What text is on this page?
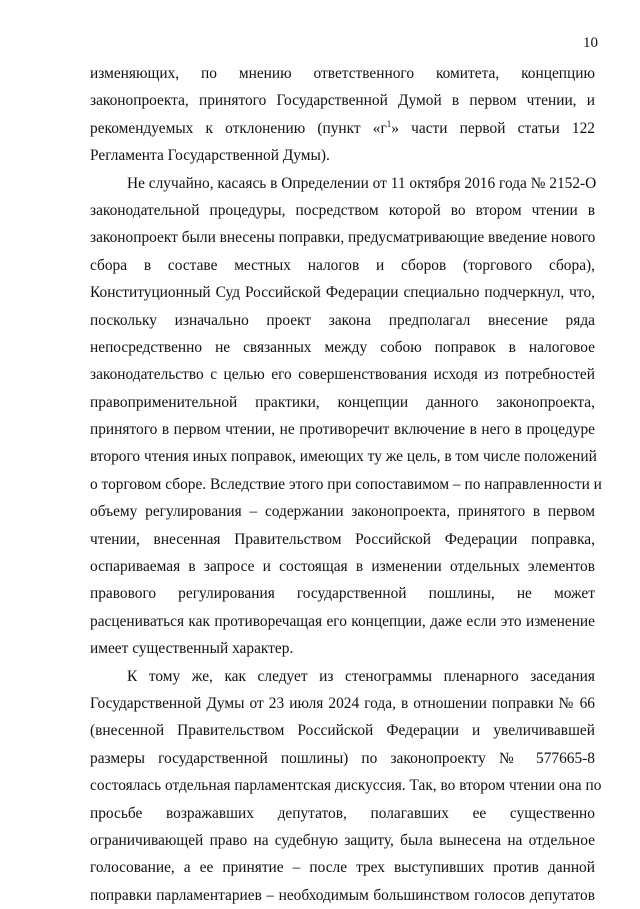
10
изменяющих, по мнению ответственного комитета, концепцию
законопроекта, принятого Государственной Думой в первом чтении, и
рекомендуемых к отклонению (пункт «$г^1$» части первой статьи 122
Регламента Государственной Думы).
Не случайно, касаясь в Определении от 11 октября 2016 года № 2152-О
законодательной процедуры, посредством которой во втором чтении в
законопроект были внесены поправки, предусматривающие введение нового
сбора в составе местных налогов и сборов (торгового сбора),
Конституционный Суд Российской Федерации специально подчеркнул, что,
поскольку изначально проект закона предполагал внесение ряда
непосредственно не связанных между собою поправок в налоговое
законодательство с целью его совершенствования исходя из потребностей
правоприменительной практики, концепции данного законопроекта,
принятого в первом чтении, не противоречит включение в него в процедуре
второго чтения иных поправок, имеющих ту же цель, в том числе положений
о торговом сборе. Вследствие этого при сопоставимом – по направленности и
объему регулирования – содержании законопроекта, принятого в первом
чтении, внесенная Правительством Российской Федерации поправка,
оспариваемая в запросе и состоящая в изменении отдельных элементов
правового регулирования государственной пошлины, не может
расцениваться как противоречащая его концепции, даже если это изменение
имеет существенный характер.
К тому же, как следует из стенограммы пленарного заседания
Государственной Думы от 23 июля 2024 года, в отношении поправки № 66
(внесенной Правительством Российской Федерации и увеличивавшей
размеры государственной пошлины) по законопроекту № 577665-8
состоялась отдельная парламентская дискуссия. Так, во втором чтении она по
просьбе возражавших депутатов, полагавших ее существенно
ограничивающей право на судебную защиту, была вынесена на отдельное
голосование, а ее принятие – после трех выступивших против данной
поправки парламентариев – необходимым большинством голосов депутатов
